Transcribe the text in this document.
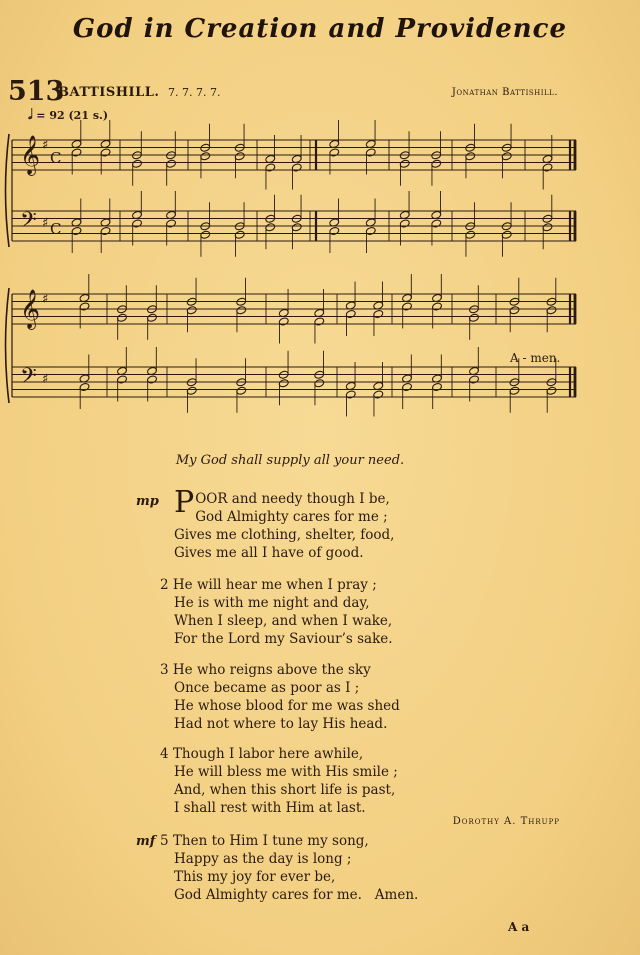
God in Creation and Providence
513
BATTISHILL. 7. 7. 7. 7.	Jonathan Battishill.
𝅗𝅥 = 92 (21 s.)
𝄞
𝄢
♯
♯
C
C
𝄞
𝄢
♯
♯
A - men.
My God shall supply all your need.
mp POOR and needy though I be,
God Almighty cares for me ;
Gives me clothing, shelter, food,
Gives me all I have of good.
2 He will hear me when I pray ;
He is with me night and day,
When I sleep, and when I wake,
For the Lord my Saviour’s sake.
3 He who reigns above the sky
Once became as poor as I ;
He whose blood for me was shed
Had not where to lay His head.
4 Though I labor here awhile,
He will bless me with His smile ;
And, when this short life is past,
I shall rest with Him at last.
mf 5 Then to Him I tune my song,
Happy as the day is long ;
This my joy for ever be,
God Almighty cares for me.   Amen.
Dorothy A. Thrupp
A a
